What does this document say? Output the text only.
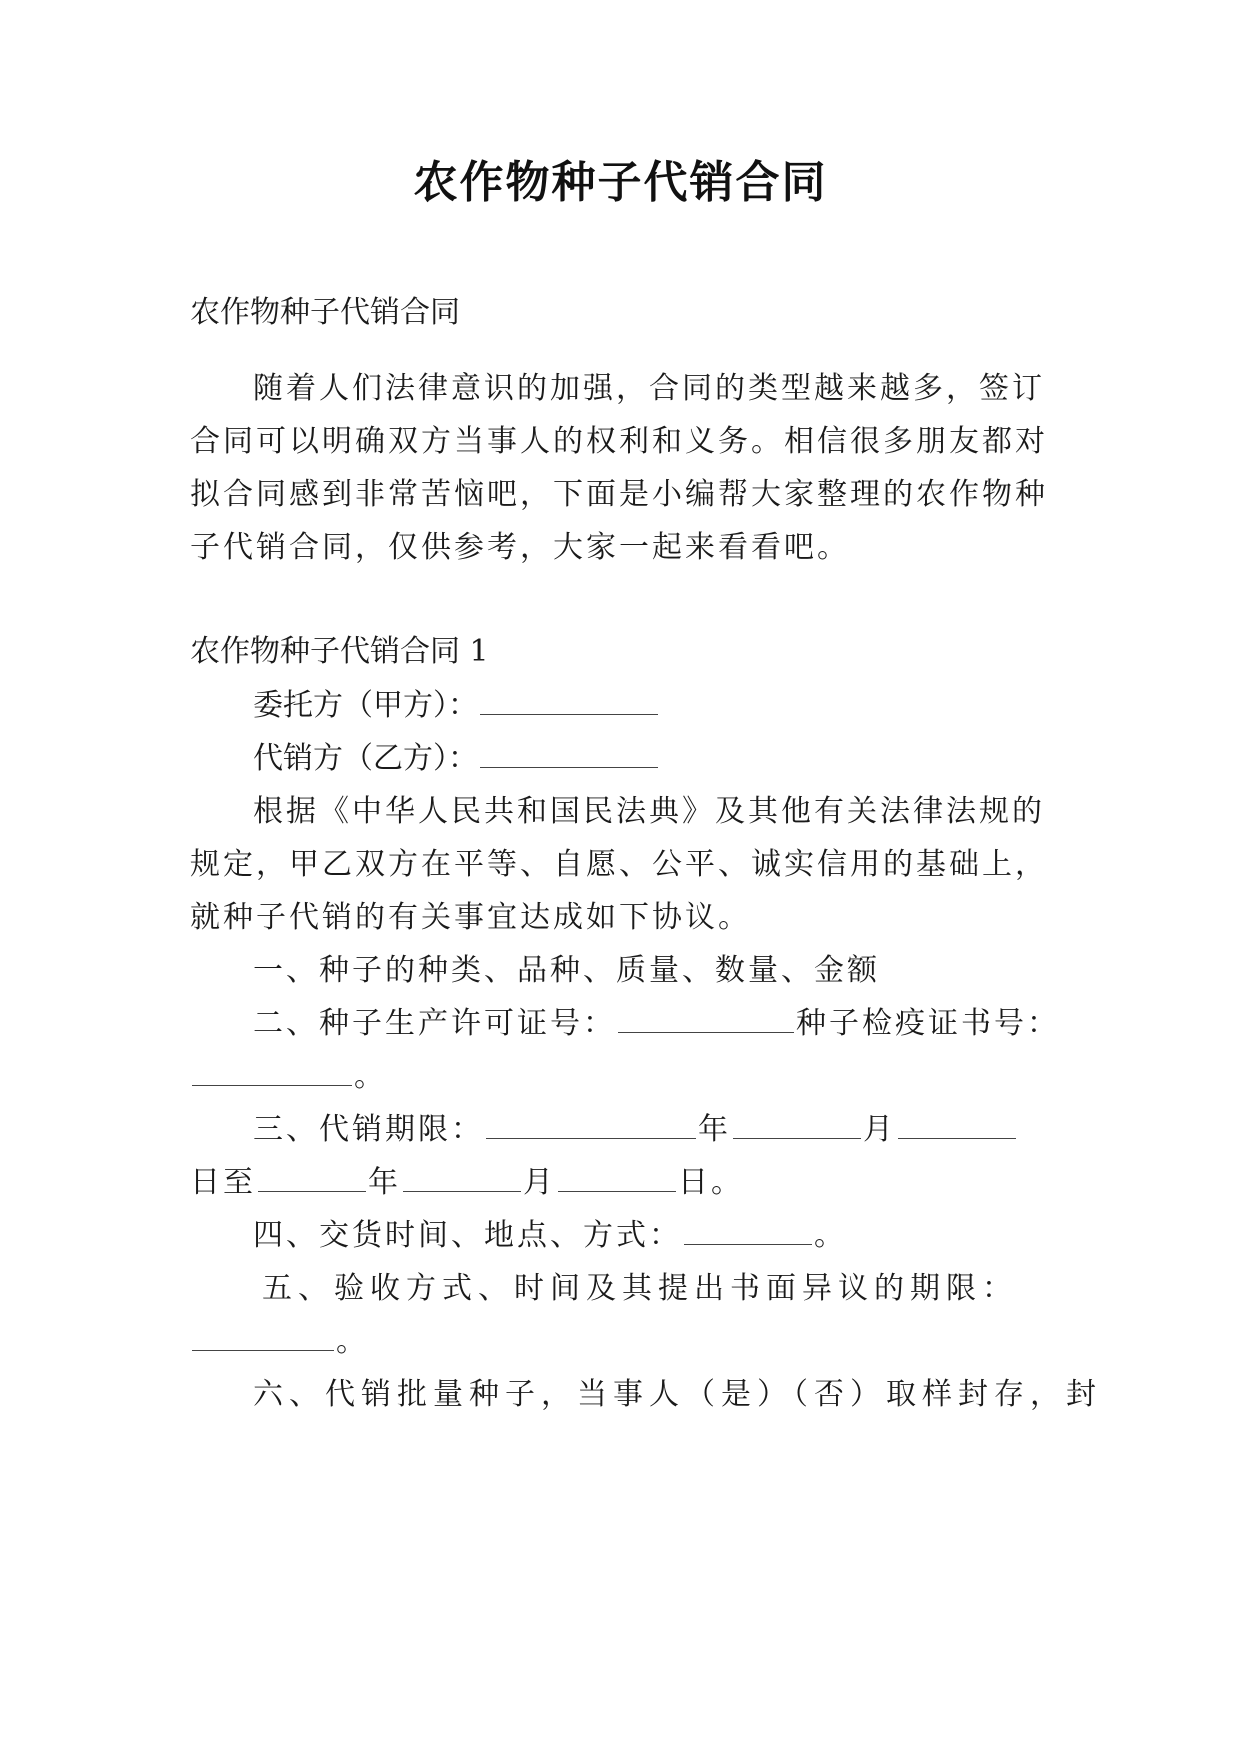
农作物种子代销合同
农作物种子代销合同
随着人们法律意识的加强，合同的类型越来越多，签订
合同可以明确双方当事人的权利和义务。相信很多朋友都对
拟合同感到非常苦恼吧，下面是小编帮大家整理的农作物种
子代销合同，仅供参考，大家一起来看看吧。
农作物种子代销合同 1
委托方（甲方）：
代销方（乙方）：
根据《中华人民共和国民法典》及其他有关法律法规的
规定，甲乙双方在平等、自愿、公平、诚实信用的基础上，
就种子代销的有关事宜达成如下协议。
一、种子的种类、品种、质量、数量、金额
二、种子生产许可证号：	种子检疫证书号：
。
三、代销期限：	年	月
日至	年	月	日。
四、交货时间、地点、方式：	。
五、验收方式、时间及其提出书面异议的期限：
。
六、代销批量种子，当事人（是）（否）取样封存，封
